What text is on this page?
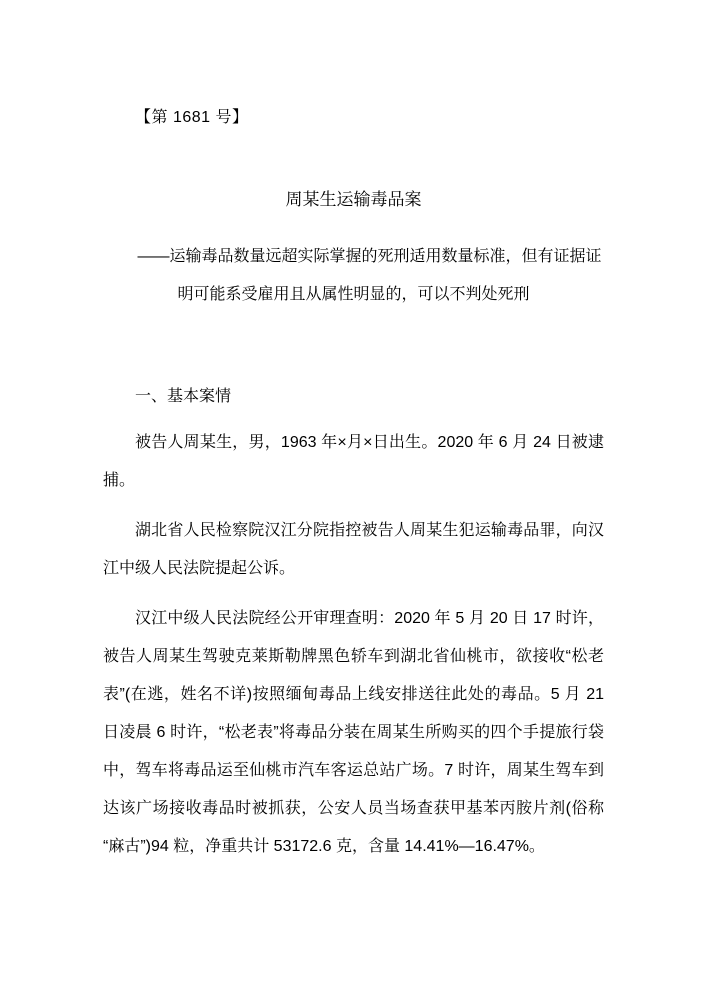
【第 1681 号】

周某生运输毒品案

——运输毒品数量远超实际掌握的死刑适用数量标准，但有证据证明可能系受雇用且从属性明显的，可以不判处死刑

一、基本案情

被告人周某生，男，1963 年×月×日出生。2020 年 6 月 24 日被逮捕。

湖北省人民检察院汉江分院指控被告人周某生犯运输毒品罪，向汉江中级人民法院提起公诉。

汉江中级人民法院经公开审理查明：2020 年 5 月 20 日 17 时许，被告人周某生驾驶克莱斯勒牌黑色轿车到湖北省仙桃市，欲接收“松老表”(在逃，姓名不详)按照缅甸毒品上线安排送往此处的毒品。5 月 21 日凌晨 6 时许，“松老表”将毒品分装在周某生所购买的四个手提旅行袋中，驾车将毒品运至仙桃市汽车客运总站广场。7 时许，周某生驾车到达该广场接收毒品时被抓获，公安人员当场查获甲基苯丙胺片剂(俗称“麻古”)94 粒，净重共计 53172.6 克，含量 14.41%—16.47%。
